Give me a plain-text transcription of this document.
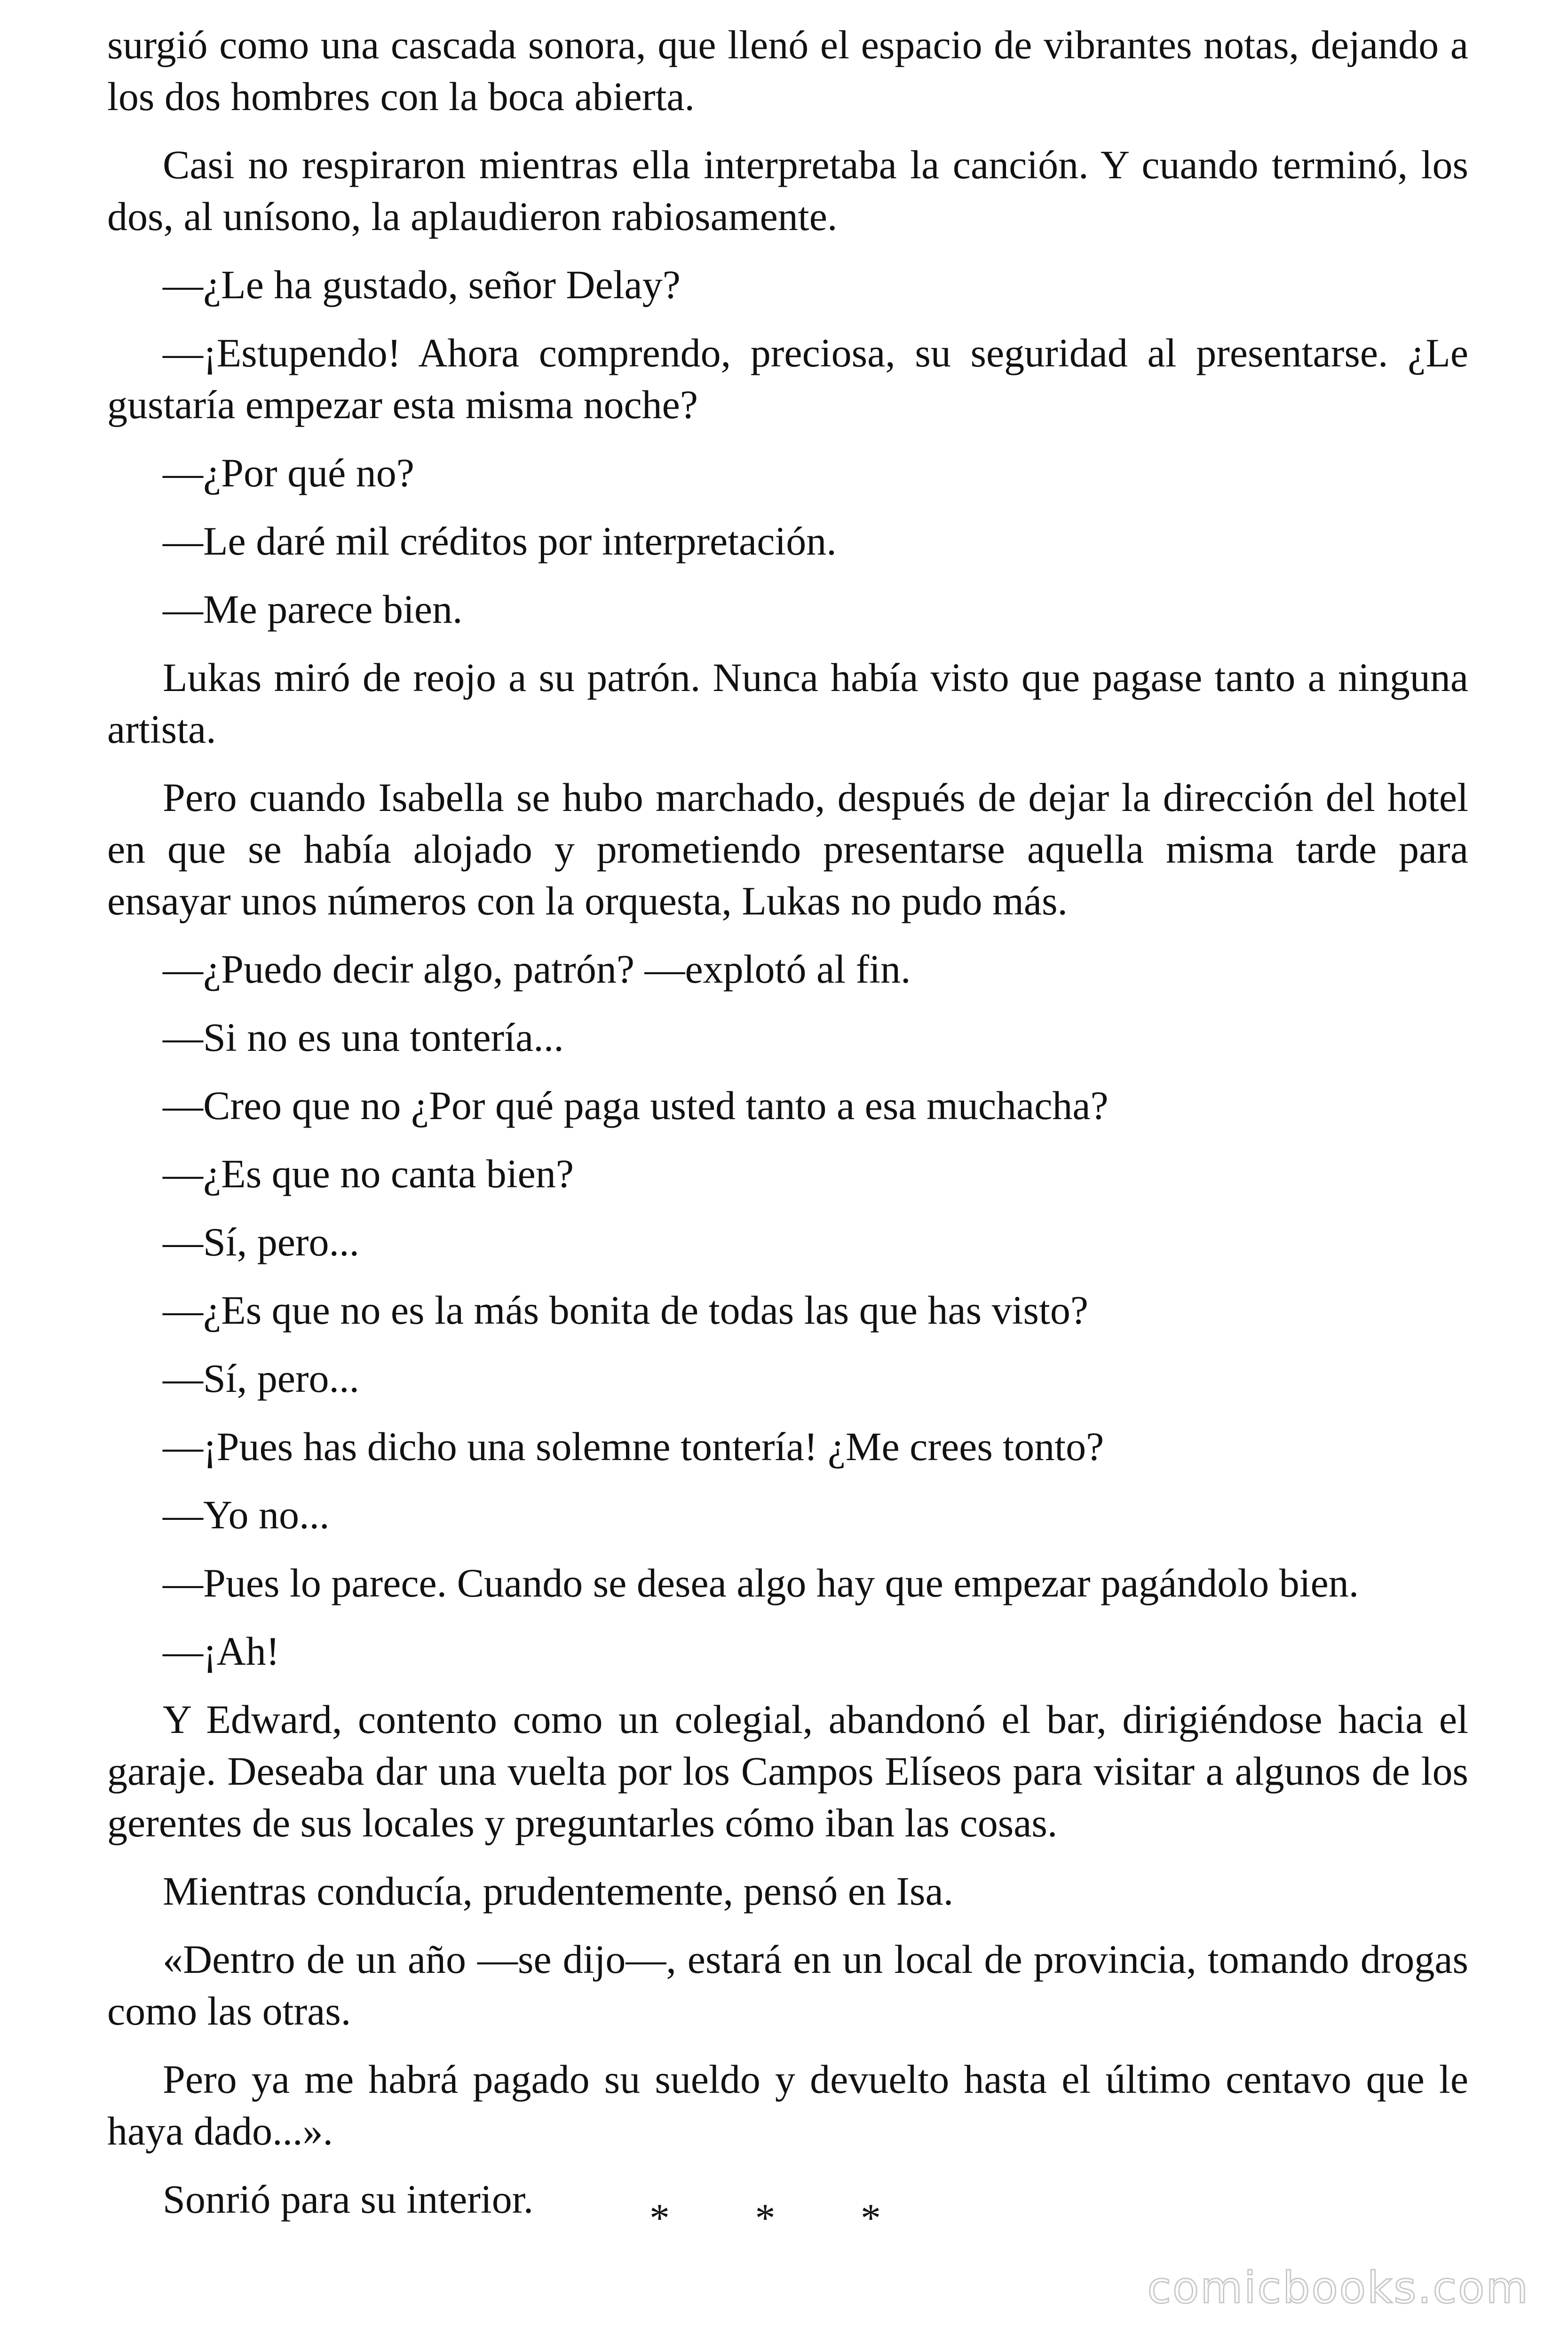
surgió como una cascada sonora, que llenó el espacio de vibrantes notas, dejando a los dos hombres con la boca abierta.

Casi no respiraron mientras ella interpretaba la canción. Y cuando terminó, los dos, al unísono, la aplaudieron rabiosamente.

—¿Le ha gustado, señor Delay?

—¡Estupendo! Ahora comprendo, preciosa, su seguridad al presentarse. ¿Le gustaría empezar esta misma noche?

—¿Por qué no?

—Le daré mil créditos por interpretación.

—Me parece bien.

Lukas miró de reojo a su patrón. Nunca había visto que pagase tanto a ninguna artista.

Pero cuando Isabella se hubo marchado, después de dejar la dirección del hotel en que se había alojado y prometiendo presentarse aquella misma tarde para ensayar unos números con la orquesta, Lukas no pudo más.

—¿Puedo decir algo, patrón? —explotó al fin.

—Si no es una tontería...

—Creo que no ¿Por qué paga usted tanto a esa muchacha?

—¿Es que no canta bien?

—Sí, pero...

—¿Es que no es la más bonita de todas las que has visto?

—Sí, pero...

—¡Pues has dicho una solemne tontería! ¿Me crees tonto?

—Yo no...

—Pues lo parece. Cuando se desea algo hay que empezar pagándolo bien.

—¡Ah!

Y Edward, contento como un colegial, abandonó el bar, dirigiéndose hacia el garaje. Deseaba dar una vuelta por los Campos Elíseos para visitar a algunos de los gerentes de sus locales y preguntarles cómo iban las cosas.

Mientras conducía, prudentemente, pensó en Isa.

«Dentro de un año —se dijo—, estará en un local de provincia, tomando drogas como las otras.

Pero ya me habrá pagado su sueldo y devuelto hasta el último centavo que le haya dado...».

Sonrió para su interior.	* * *
comicbooks.com
